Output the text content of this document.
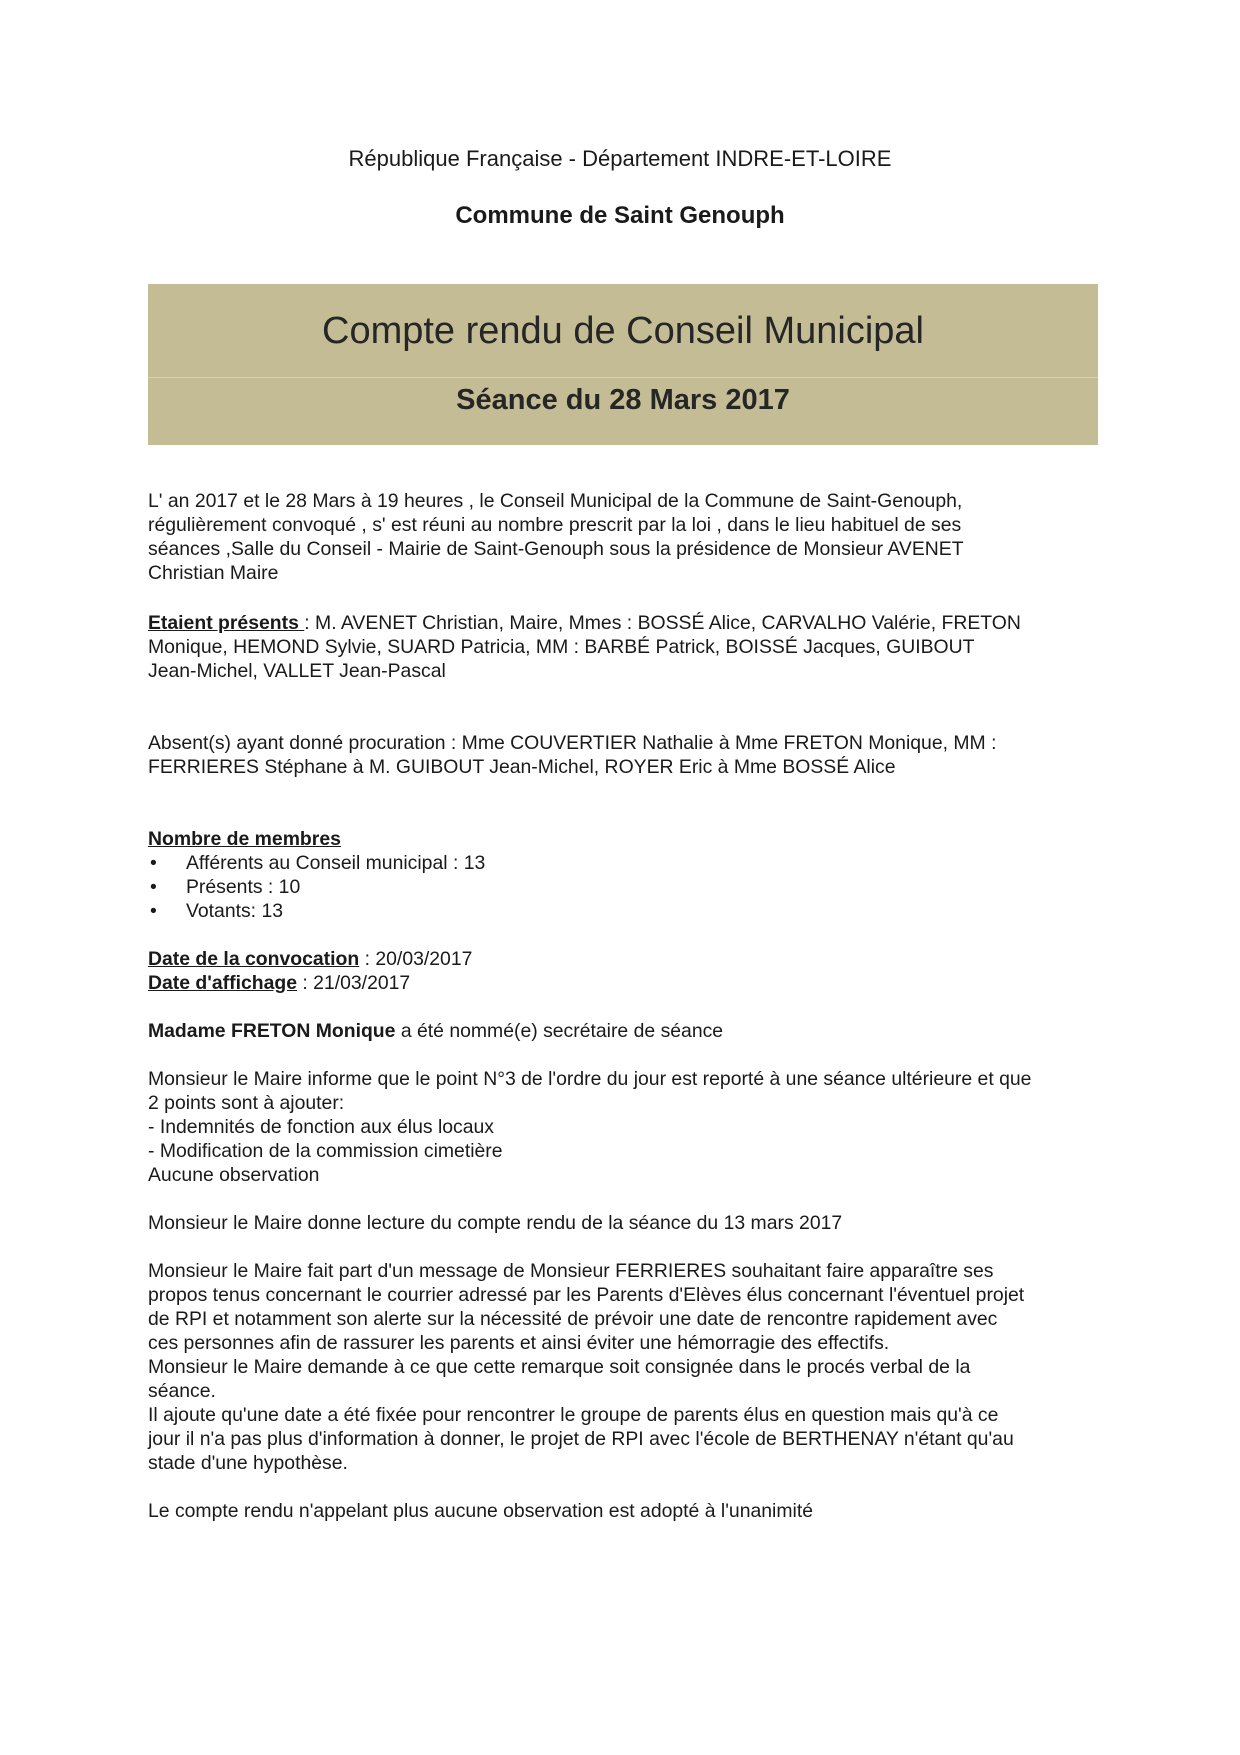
République Française - Département INDRE-ET-LOIRE
Commune de Saint Genouph
Compte rendu de Conseil Municipal
Séance du 28 Mars 2017

L' an 2017 et le 28 Mars à 19 heures , le Conseil Municipal de la Commune de Saint-Genouph,

régulièrement convoqué , s' est réuni au nombre prescrit par la loi , dans le lieu habituel de ses

séances ,Salle du Conseil - Mairie de Saint-Genouph sous la présidence de Monsieur AVENET

Christian Maire

Etaient présents : M. AVENET Christian, Maire, Mmes : BOSSÉ Alice, CARVALHO Valérie, FRETON

Monique, HEMOND Sylvie, SUARD Patricia, MM : BARBÉ Patrick, BOISSÉ Jacques, GUIBOUT

Jean-Michel, VALLET Jean-Pascal

Absent(s) ayant donné procuration : Mme COUVERTIER Nathalie à Mme FRETON Monique, MM :

FERRIERES Stéphane à M. GUIBOUT Jean-Michel, ROYER Eric à Mme BOSSÉ Alice

Nombre de membres

• Afférents au Conseil municipal : 13
• Présents : 10
• Votants: 13

Date de la convocation : 20/03/2017

Date d'affichage : 21/03/2017

Madame FRETON Monique a été nommé(e) secrétaire de séance

Monsieur le Maire informe que le point N°3 de l'ordre du jour est reporté à une séance ultérieure et que

2 points sont à ajouter:

- Indemnités de fonction aux élus locaux

- Modification de la commission cimetière

Aucune observation

Monsieur le Maire donne lecture du compte rendu de la séance du 13 mars 2017

Monsieur le Maire fait part d'un message de Monsieur FERRIERES souhaitant faire apparaître ses

propos tenus concernant le courrier adressé par les Parents d'Elèves élus concernant l'éventuel projet

de RPI et notamment son alerte sur la nécessité de prévoir une date de rencontre rapidement avec

ces personnes afin de rassurer les parents et ainsi éviter une hémorragie des effectifs.

Monsieur le Maire demande à ce que cette remarque soit consignée dans le procés verbal de la

séance.

Il ajoute qu'une date a été fixée pour rencontrer le groupe de parents élus en question mais qu'à ce

jour il n'a pas plus d'information à donner, le projet de RPI avec l'école de BERTHENAY n'étant qu'au

stade d'une hypothèse.

Le compte rendu n'appelant plus aucune observation est adopté à l'unanimité
